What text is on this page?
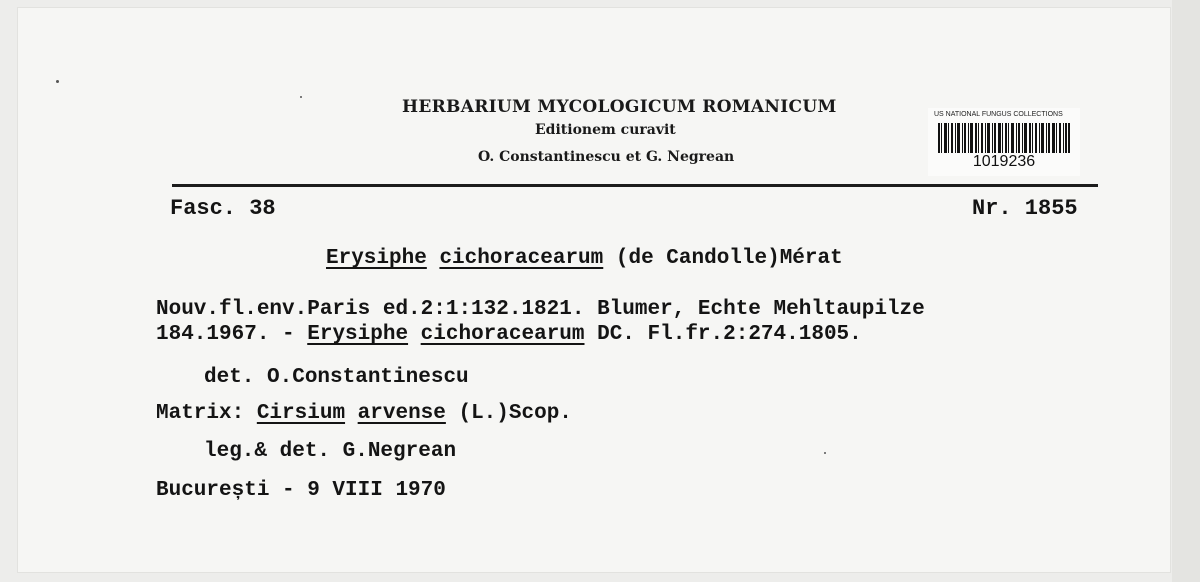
HERBARIUM MYCOLOGICUM ROMANICUM
Editionem curavit
O. Constantinescu et G. Negrean
US NATIONAL FUNGUS COLLECTIONS
1019236
Fasc. 38	Nr. 1855
Erysiphe cichoracearum (de Candolle)Mérat
Nouv.fl.env.Paris ed.2:1:132.1821. Blumer, Echte Mehltaupilze
184.1967. - Erysiphe cichoracearum DC. Fl.fr.2:274.1805.
det. O.Constantinescu
Matrix: Cirsium arvense (L.)Scop.
leg.& det. G.Negrean
București - 9 VIII 1970
